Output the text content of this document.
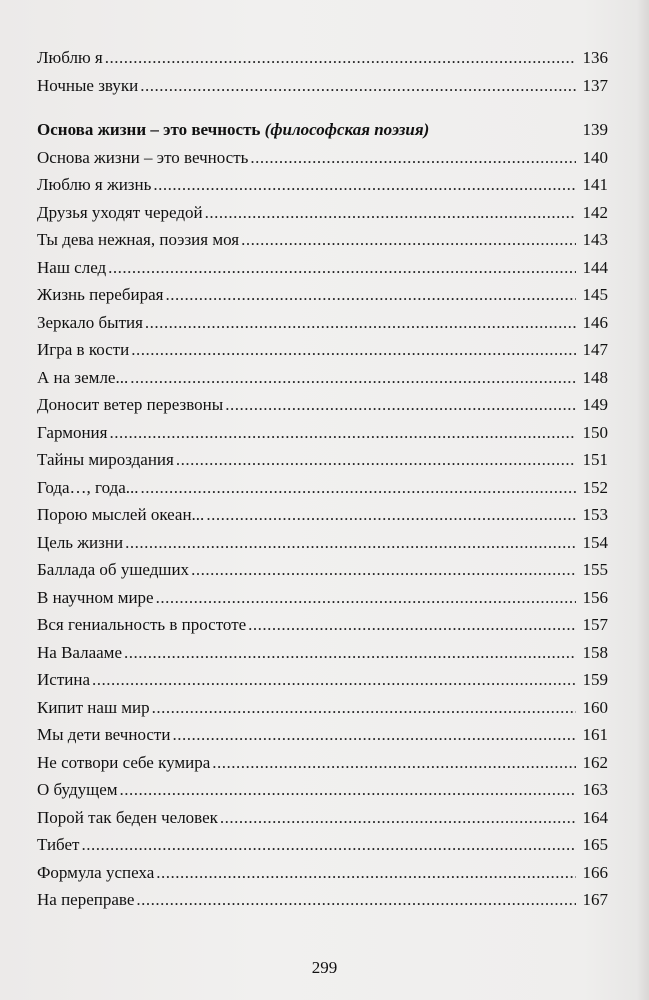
Люблю я .....	136
Ночные звуки .....	137
Основа жизни – это вечность (философская поэзия)	139
Основа жизни – это вечность .....	140
Люблю я жизнь .....	141
Друзья уходят чередой .....	142
Ты дева нежная, поэзия моя .....	143
Наш след .....	144
Жизнь перебирая .....	145
Зеркало бытия .....	146
Игра в кости .....	147
А на земле... .....	148
Доносит ветер перезвоны .....	149
Гармония .....	150
Тайны мироздания .....	151
Года…, года... .....	152
Порою мыслей океан... .....	153
Цель жизни .....	154
Баллада об ушедших .....	155
В научном мире .....	156
Вся гениальность в простоте .....	157
На Валааме .....	158
Истина .....	159
Кипит наш мир .....	160
Мы дети вечности .....	161
Не сотвори себе кумира .....	162
О будущем .....	163
Порой так беден человек .....	164
Тибет .....	165
Формула успеха .....	166
На переправе .....	167
299
